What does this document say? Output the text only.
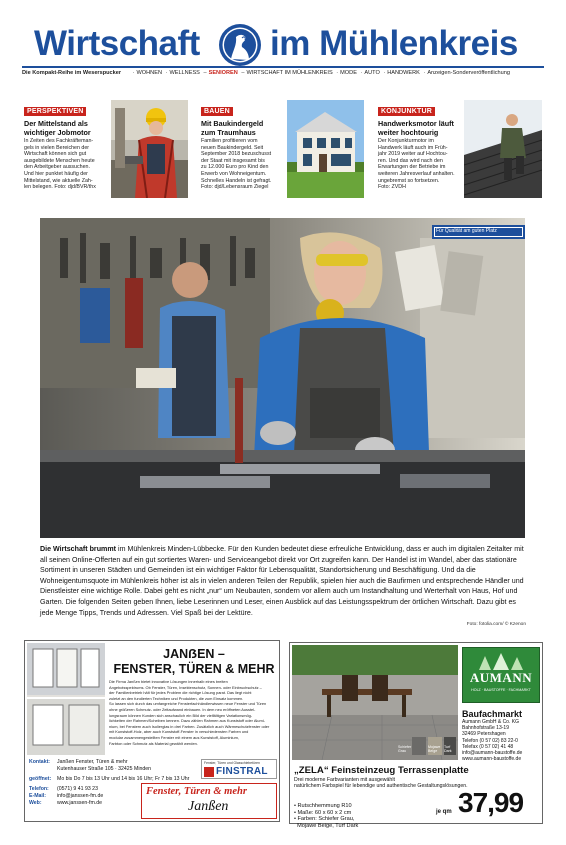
Wirtschaft im Mühlenkreis
Die Kompakt-Reihe im Weserspucker · WOHNEN · WELLNESS – SENIOREN – WIRTSCHAFT IM MÜHLENKREIS · MODE · AUTO · HANDWERK · Anzeigen-Sonderveröffentlichung
PERSPEKTIVEN
Der Mittelstand als
wichtiger Jobmotor
In Zeiten des Fachkräfteman-
gels in vielen Bereichen der
Wirtschaft können sich gut
ausgebildete Menschen heute
den Arbeitgeber aussuchen.
Und hier punktet häufig der
Mittelstand, wie aktuelle Zah-
len belegen. Foto: djd/BVR/thx
BAUEN
Mit Baukindergeld
zum Traumhaus
Familien profitieren vom
neuen Baukindergeld. Seit
September 2018 bezuschusst
der Staat mit insgesamt bis
zu 12.000 Euro pro Kind den
Erwerb von Wohneigentum.
Schnelles Handeln ist gefragt.
Foto: djd/Lebensraum Ziegel
KONJUNKTUR
Handwerksmotor läuft
weiter hochtourig
Der Konjunkturmotor im
Handwerk läuft auch im Früh-
jahr 2019 weiter auf Hochtou-
ren. Und das wird nach den
Erwartungen der Betriebe im
weiteren Jahresverlauf anhalten.
ungebremst so fortsetzen.
Foto: ZVDH
Für Qualität am guten Platz
Die Wirtschaft brummt im Mühlenkreis Minden-Lübbecke. Für den Kunden bedeutet diese erfreuliche Entwicklung, dass er auch im digitalen Zeitalter mit all seinen Online-Offerten auf ein gut sortiertes Waren- und Serviceangebot direkt vor Ort zugreifen kann. Der Handel ist im Wandel, aber das stationäre Sortiment in unseren Städten und Gemeinden ist ein wichtiger Faktor für Lebensqualität, Standortsicherung und Beschäftigung. Und da die Wohneigentumsquote im Mühlenkreis höher ist als in vielen anderen Teilen der Republik, spielen hier auch die Baufirmen und entsprechende Händler und Dienstleister eine wichtige Rolle. Dabei geht es nicht „nur“ um Neubauten, sondern vor allem auch um Instandhaltung und Werterhalt von Haus, Hof und Garten. Die folgenden Seiten geben Ihnen, liebe Leserinnen und Leser, einen Ausblick auf das Leistungsspektrum der örtlichen Wirtschaft. Dazu gibt es jede Menge Tipps, Trends und Adressen. Viel Spaß bei der Lektüre.
Foto: fotolia.com/ © Kzenon
JANẞEN –
FENSTER, TÜREN & MEHR
Die Firma Janßen bietet innovative Lösungen innerhalb eines breiten
Angebotsspektrums. Ob Fenster, Türen, Insektenschutz, Sonnen- oder Einbruchschutz –
der Familienbetrieb hält für jedes Problem die richtige Lösung parat. Das liegt nicht
zuletzt an den fundierten Techniken und Produkten, die zum Einsatz kommen.
So lassen sich durch das umfangreiche Fensterfachhändlerwissen neue Fenster und Türen
ohne größeren Schmutz- oder Zeitaufwand einbauen. In dem neu eröffneten Ausstel-
lungsraum können Kunden sich anschaulich ein Bild der vielfältigen Variationsmög-
lichkeiten der Rahmen/Scheiben kennen. Dazu zählen Rahmen aus Kunststoff oder Alumi-
nium, bei Fenstern auch Isolierglas in drei Farben. Zusätzlich auch Wärmeschutzfenster oder
mit Kunststoff-Holz, aber auch Kunststoff-Fenster in verschiedensten Farben und
modular zusammengestellten Fenster mit einem aus Kunststoff, Aluminium,
Farbton oder Schmutz als Material gewählt werden.
Kontakt:	Janßen Fenster, Türen & mehr
Kutenhauser Straße 105 · 32425 Minden
geöffnet:	Mo bis Do 7 bis 13 Uhr und 14 bis 16 Uhr; Fr 7 bis 13 Uhr
Telefon:	(0571) 9 41 93 23
E-Mail:	info@janssen-fm.de
Web:	www.janssen-fm.de
Fenster, Türen und Glasschiebetüren
FINSTRAL
Fenster, Türen & mehr
Janßen
Schiefer Grau
Mojawe Beige
Turf Dark
AUMANN
HOLZ · BAUSTOFFE · FACHMARKT
Baufachmarkt
Aumann GmbH & Co. KG
Bahnhofstraße 13-19
32469 Petershagen
Telefon (0 57 02) 83 22-0
Telefax (0 57 02) 41 48
info@aumann-baustoffe.de
www.aumann-baustoffe.de
„ZELA“ Feinsteinzeug Terrassenplatte
Drei moderne Farbvarianten mit ausgewählt
natürlichem Farbspiel für lebendige und authentische Gestaltungslösungen.

• Rutschhemmung R10
• Maße: 60 x 60 x 2 cm
• Farben: Schiefer Grau,
Mojawe Beige, Turf Dark

je qm 37,99
